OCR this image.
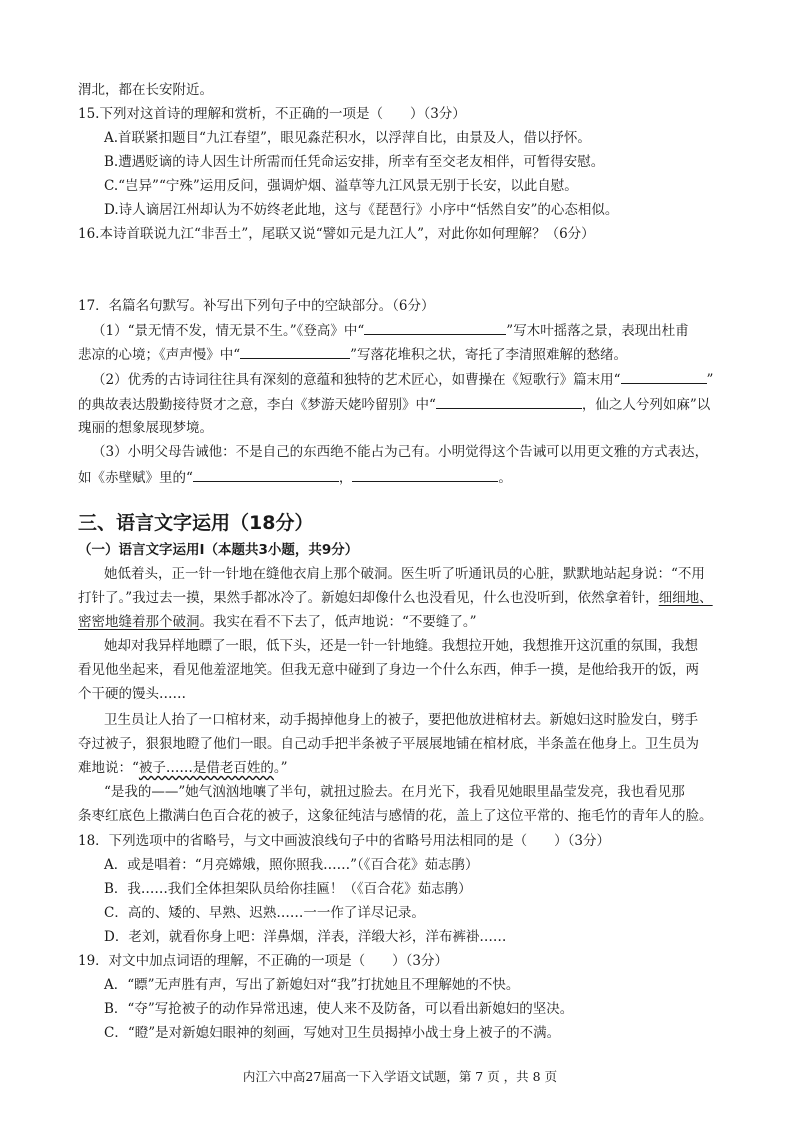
渭北，都在长安附近。
15.下列对这首诗的理解和赏析，不正确的一项是（　　）（3分）
A.首联紧扣题目“九江春望”，眼见淼茫积水，以浮萍自比，由景及人，借以抒怀。
B.遭遇贬谪的诗人因生计所需而任凭命运安排，所幸有至交老友相伴，可暂得安慰。
C.“岂异”“宁殊”运用反问，强调炉烟、溢草等九江风景无别于长安，以此自慰。
D.诗人谪居江州却认为不妨终老此地，这与《琵琶行》小序中“恬然自安”的心态相似。
16.本诗首联说九江“非吾土”，尾联又说“譬如元是九江人”，对此你如何理解？（6分）
17．名篇名句默写。补写出下列句子中的空缺部分。（6分）
（1）“景无情不发，情无景不生。”《登高》中“	”写木叶摇落之景，表现出杜甫
悲凉的心境；《声声慢》中“	”写落花堆积之状，寄托了李清照难解的愁绪。
（2）优秀的古诗词往往具有深刻的意蕴和独特的艺术匠心，如曹操在《短歌行》篇末用“	”
的典故表达殷勤接待贤才之意，李白《梦游天姥吟留别》中“	，仙之人兮列如麻”以
瑰丽的想象展现梦境。
（3）小明父母告诫他：不是自己的东西绝不能占为己有。小明觉得这个告诫可以用更文雅的方式表达，
如《赤壁赋》里的“	，	。
三、语言文字运用（18分）
（一）语言文字运用Ⅰ（本题共3小题，共9分）
她低着头，正一针一针地在缝他衣肩上那个破洞。医生听了听通讯员的心脏，默默地站起身说：“不用
打针了。”我过去一摸，果然手都冰冷了。新媳妇却像什么也没看见，什么也没听到，依然拿着针，细细地、
密密地缝着那个破洞。我实在看不下去了，低声地说：“不要缝了。”
她却对我异样地瞟了一眼，低下头，还是一针一针地缝。我想拉开她，我想推开这沉重的氛围，我想
看见他坐起来，看见他羞涩地笑。但我无意中碰到了身边一个什么东西，伸手一摸，是他给我开的饭，两
个干硬的馒头……
卫生员让人抬了一口棺材来，动手揭掉他身上的被子，要把他放进棺材去。新媳妇这时脸发白，劈手
夺过被子，狠狠地瞪了他们一眼。自己动手把半条被子平展展地铺在棺材底，半条盖在他身上。卫生员为
难地说：“被子……是借老百姓的。”
“是我的——”她气汹汹地嚷了半句，就扭过脸去。在月光下，我看见她眼里晶莹发亮，我也看见那
条枣红底色上撒满白色百合花的被子，这象征纯洁与感情的花，盖上了这位平常的、拖毛竹的青年人的脸。
18．下列选项中的省略号，与文中画波浪线句子中的省略号用法相同的是（　　）（3分）
A．或是唱着：“月亮嫦娥，照你照我……”（《百合花》茹志鹃）
B．我……我们全体担架队员给你挂匾！（《百合花》茹志鹃）
C．高的、矮的、早熟、迟熟……一一作了详尽记录。
D．老刘，就看你身上吧：洋鼻烟，洋表，洋缎大衫，洋布裤褂……
19．对文中加点词语的理解，不正确的一项是（　　）（3分）
A．“瞟”无声胜有声，写出了新媳妇对“我”打扰她且不理解她的不快。
B．“夺”写抢被子的动作异常迅速，使人来不及防备，可以看出新媳妇的坚决。
C．“瞪”是对新媳妇眼神的刻画，写她对卫生员揭掉小战士身上被子的不满。
内江六中高27届高一下入学语文试题，第 7 页 ，共 8 页
